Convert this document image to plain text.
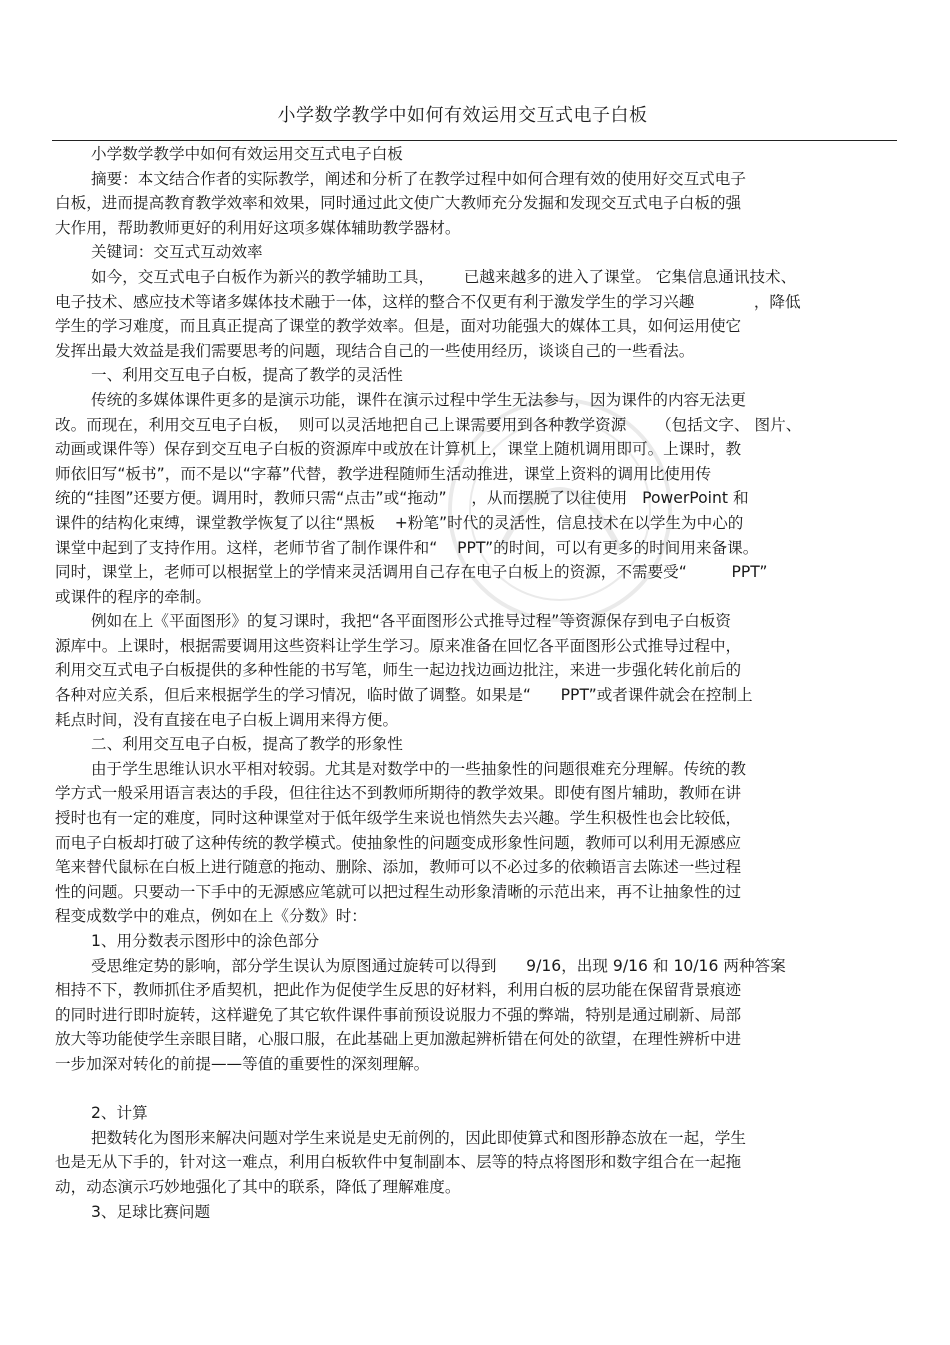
小学数学教学中如何有效运用交互式电子白板
小学数学教学中如何有效运用交互式电子白板
摘要：本文结合作者的实际教学，阐述和分析了在教学过程中如何合理有效的使用好交互式电子
白板，进而提高教育教学效率和效果，同时通过此文使广大教师充分发掘和发现交互式电子白板的强
大作用，帮助教师更好的利用好这项多媒体辅助教学器材。
关键词：交互式互动效率
如今，交互式电子白板作为新兴的教学辅助工具，      已越来越多的进入了课堂。 它集信息通讯技术、
电子技术、感应技术等诸多媒体技术融于一体，这样的整合不仅更有利于激发学生的学习兴趣            ，降低
学生的学习难度，而且真正提高了课堂的教学效率。但是，面对功能强大的媒体工具，如何运用使它
发挥出最大效益是我们需要思考的问题，现结合自己的一些使用经历，谈谈自己的一些看法。
一、利用交互电子白板，提高了教学的灵活性
传统的多媒体课件更多的是演示功能，课件在演示过程中学生无法参与，因为课件的内容无法更
改。而现在，利用交互电子白板，  则可以灵活地把自己上课需要用到各种教学资源      （包括文字、 图片、
动画或课件等）保存到交互电子白板的资源库中或放在计算机上，课堂上随机调用即可。上课时，教
师依旧写“板书”，而不是以“字幕”代替，教学进程随师生活动推进，课堂上资料的调用比使用传
统的“挂图”还要方便。调用时，教师只需“点击”或“拖动”     ，从而摆脱了以往使用   PowerPoint 和
课件的结构化束缚，课堂教学恢复了以往“黑板    +粉笔”时代的灵活性，信息技术在以学生为中心的
课堂中起到了支持作用。这样，老师节省了制作课件和“    PPT”的时间，可以有更多的时间用来备课。
同时，课堂上，老师可以根据堂上的学情来灵活调用自己存在电子白板上的资源，不需要受“         PPT”
或课件的程序的牵制。
例如在上《平面图形》的复习课时，我把“各平面图形公式推导过程”等资源保存到电子白板资
源库中。上课时，根据需要调用这些资料让学生学习。原来准备在回忆各平面图形公式推导过程中，
利用交互式电子白板提供的多种性能的书写笔，师生一起边找边画边批注，来进一步强化转化前后的
各种对应关系，但后来根据学生的学习情况，临时做了调整。如果是“      PPT”或者课件就会在控制上
耗点时间，没有直接在电子白板上调用来得方便。
二、利用交互电子白板，提高了教学的形象性
由于学生思维认识水平相对较弱。尤其是对数学中的一些抽象性的问题很难充分理解。传统的教
学方式一般采用语言表达的手段，但往往达不到教师所期待的教学效果。即使有图片辅助，教师在讲
授时也有一定的难度，同时这种课堂对于低年级学生来说也悄然失去兴趣。学生积极性也会比较低，
而电子白板却打破了这种传统的教学模式。使抽象性的问题变成形象性问题，教师可以利用无源感应
笔来替代鼠标在白板上进行随意的拖动、删除、添加，教师可以不必过多的依赖语言去陈述一些过程
性的问题。只要动一下手中的无源感应笔就可以把过程生动形象清晰的示范出来，再不让抽象性的过
程变成数学中的难点，例如在上《分数》时：
1、用分数表示图形中的涂色部分
受思维定势的影响，部分学生误认为原图通过旋转可以得到      9/16，出现 9/16 和 10/16 两种答案
相持不下，教师抓住矛盾契机，把此作为促使学生反思的好材料，利用白板的层功能在保留背景痕迹
的同时进行即时旋转，这样避免了其它软件课件事前预设说服力不强的弊端，特别是通过刷新、局部
放大等功能使学生亲眼目睹，心服口服，在此基础上更加激起辨析错在何处的欲望，在理性辨析中进
一步加深对转化的前提——等值的重要性的深刻理解。
2、计算
把数转化为图形来解决问题对学生来说是史无前例的，因此即使算式和图形静态放在一起，学生
也是无从下手的，针对这一难点，利用白板软件中复制副本、层等的特点将图形和数字组合在一起拖
动，动态演示巧妙地强化了其中的联系，降低了理解难度。
3、足球比赛问题
